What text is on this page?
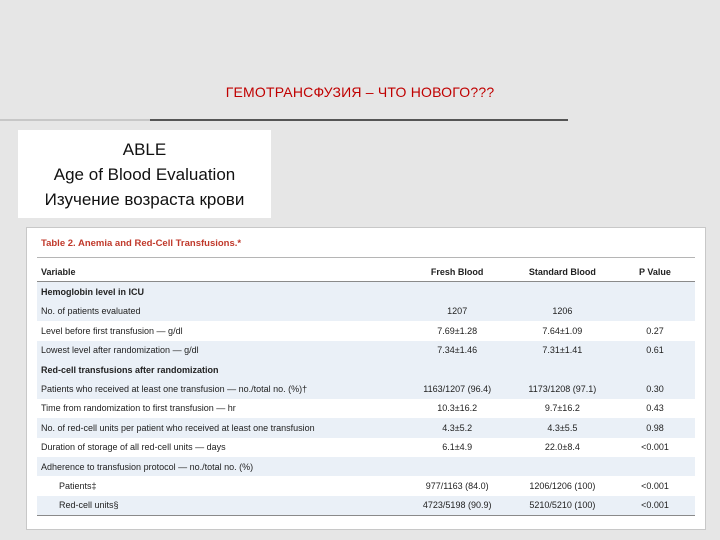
ГЕМОТРАНСФУЗИЯ – ЧТО НОВОГО???
ABLE
Age of Blood Evaluation
Изучение возраста крови
Table 2. Anemia and Red-Cell Transfusions.*
Variable	Fresh Blood	Standard Blood	P Value
Hemoglobin level in ICU			
No. of patients evaluated	1207	1206	
Level before first transfusion — g/dl	7.69±1.28	7.64±1.09	0.27
Lowest level after randomization — g/dl	7.34±1.46	7.31±1.41	0.61
Red-cell transfusions after randomization			
Patients who received at least one transfusion — no./total no. (%)†	1163/1207 (96.4)	1173/1208 (97.1)	0.30
Time from randomization to first transfusion — hr	10.3±16.2	9.7±16.2	0.43
No. of red-cell units per patient who received at least one transfusion	4.3±5.2	4.3±5.5	0.98
Duration of storage of all red-cell units — days	6.1±4.9	22.0±8.4	<0.001
Adherence to transfusion protocol — no./total no. (%)			
Patients‡	977/1163 (84.0)	1206/1206 (100)	<0.001
Red-cell units§	4723/5198 (90.9)	5210/5210 (100)	<0.001
